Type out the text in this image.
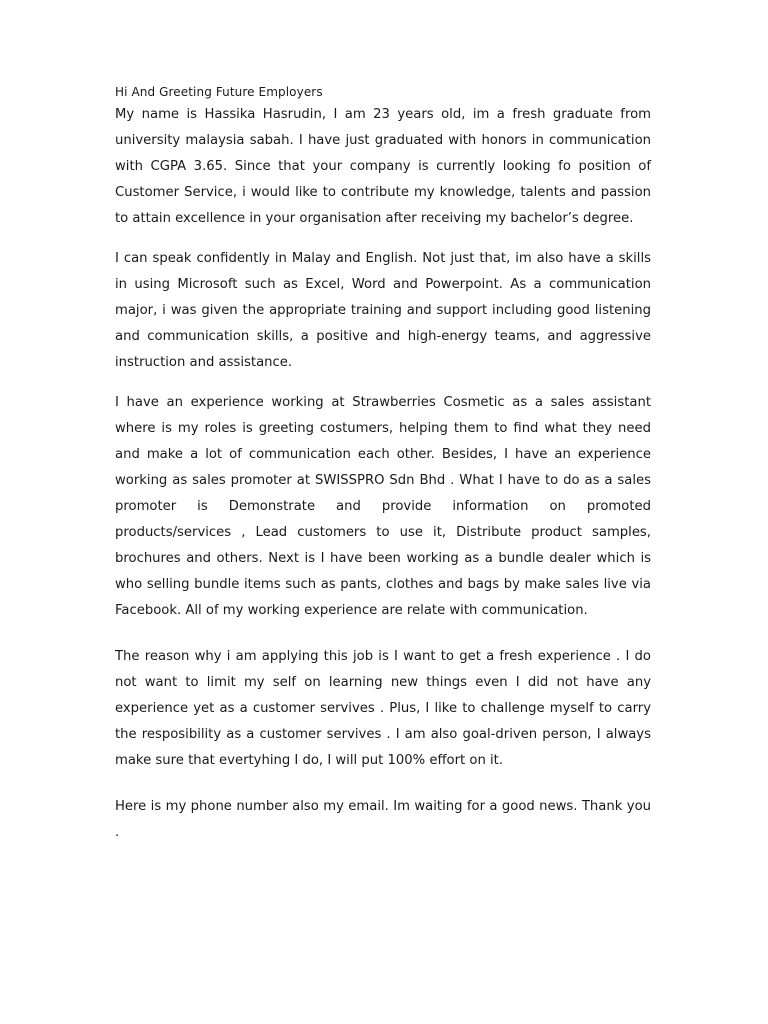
Hi And Greeting Future Employers

My name is Hassika Hasrudin, I am 23 years old, im a fresh graduate from university malaysia sabah. I have just graduated with honors in communication with CGPA 3.65. Since that your company is currently looking fo position of Customer Service, i would like to contribute my knowledge, talents and passion to attain excellence in your organisation after receiving my bachelor’s degree.

I can speak confidently in Malay and English. Not just that, im also have a skills in using Microsoft such as Excel, Word and Powerpoint. As a communication major, i was given the appropriate training and support including good listening and communication skills, a positive and high-energy teams, and aggressive instruction and assistance.

I have an experience working at Strawberries Cosmetic as a sales assistant where is my roles is greeting costumers, helping them to find what they need and make a lot of communication each other. Besides, I have an experience working as sales promoter at SWISSPRO Sdn Bhd . What I have to do as a sales promoter is Demonstrate and provide information on promoted products/services , Lead customers to use it, Distribute product samples, brochures and others. Next is I have been working as a bundle dealer which is who selling bundle items such as pants, clothes and bags by make sales live via Facebook. All of my working experience are relate with communication.

The reason why i am applying this job is I want to get a fresh experience . I do not want to limit my self on learning new things even I did not have any experience yet as a customer servives . Plus, I like to challenge myself to carry the resposibility as a customer servives . I am also goal-driven person, I always make sure that evertyhing I do, I will put 100% effort on it.

Here is my phone number also my email. Im waiting for a good news. Thank you .
